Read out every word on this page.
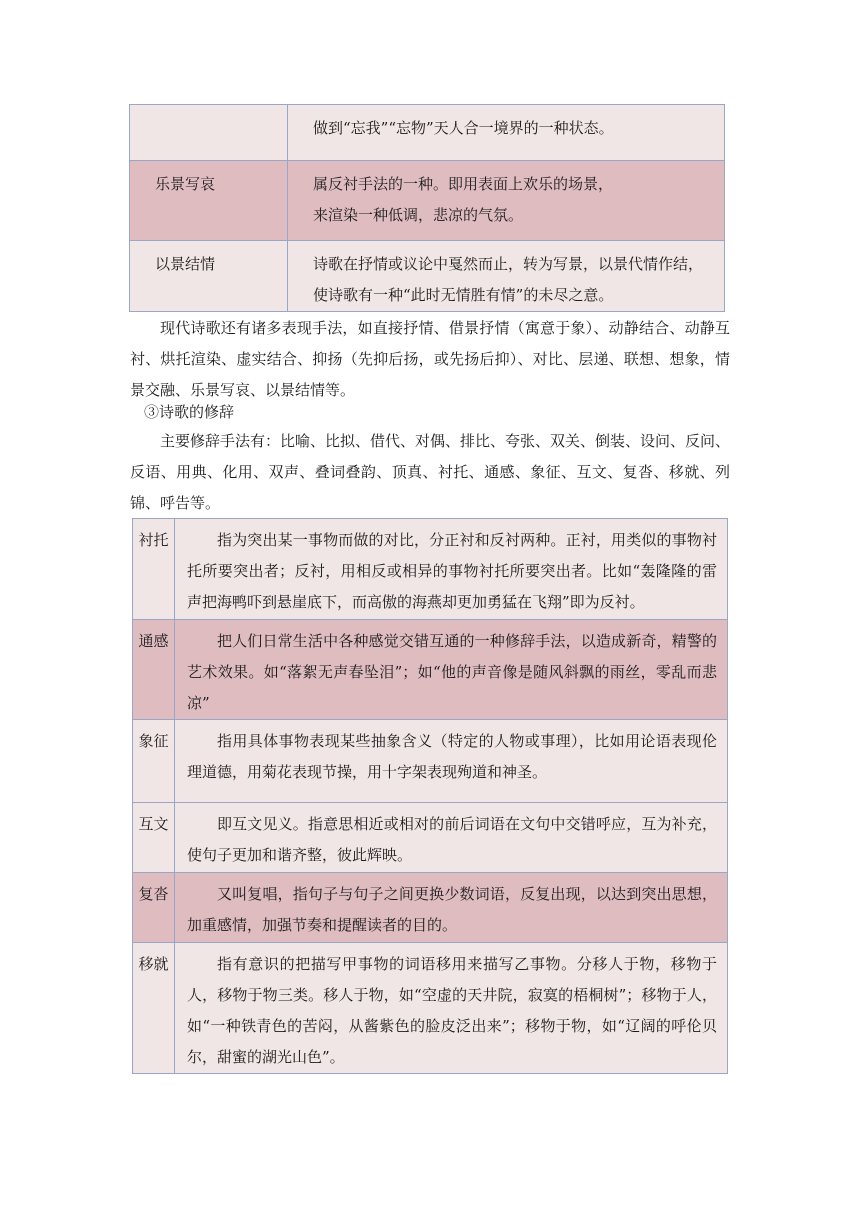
	做到“忘我”“忘物”天人合一境界的一种状态。

乐景写哀	属反衬手法的一种。即用表面上欢乐的场景，
来渲染一种低调，悲凉的气氛。

以景结情	诗歌在抒情或议论中戛然而止，转为写景，以景代情作结，使诗歌有一种“此时无情胜有情”的未尽之意。
现代诗歌还有诸多表现手法，如直接抒情、借景抒情（寓意于象）、动静结合、动静互衬、烘托渲染、虚实结合、抑扬（先抑后扬，或先扬后抑）、对比、层递、联想、想象，情景交融、乐景写哀、以景结情等。
③诗歌的修辞
主要修辞手法有：比喻、比拟、借代、对偶、排比、夸张、双关、倒装、设问、反问、反语、用典、化用、双声、叠词叠韵、顶真、衬托、通感、象征、互文、复沓、移就、列锦、呼告等。
衬托	指为突出某一事物而做的对比，分正衬和反衬两种。正衬，用类似的事物衬托所要突出者；反衬，用相反或相异的事物衬托所要突出者。比如“轰隆隆的雷声把海鸭吓到悬崖底下，而高傲的海燕却更加勇猛在飞翔”即为反衬。

通感	把人们日常生活中各种感觉交错互通的一种修辞手法，以造成新奇，精警的艺术效果。如“落絮无声春坠泪”；如“他的声音像是随风斜飘的雨丝，零乱而悲凉”

象征	指用具体事物表现某些抽象含义（特定的人物或事理），比如用论语表现伦理道德，用菊花表现节操，用十字架表现殉道和神圣。

互文	即互文见义。指意思相近或相对的前后词语在文句中交错呼应，互为补充，使句子更加和谐齐整，彼此辉映。

复沓	又叫复唱，指句子与句子之间更换少数词语，反复出现，以达到突出思想，加重感情，加强节奏和提醒读者的目的。

移就	指有意识的把描写甲事物的词语移用来描写乙事物。分移人于物，移物于人，移物于物三类。移人于物，如“空虚的天井院，寂寞的梧桐树”；移物于人，如“一种铁青色的苦闷，从酱紫色的脸皮泛出来”；移物于物，如“辽阔的呼伦贝尔，甜蜜的湖光山色”。
